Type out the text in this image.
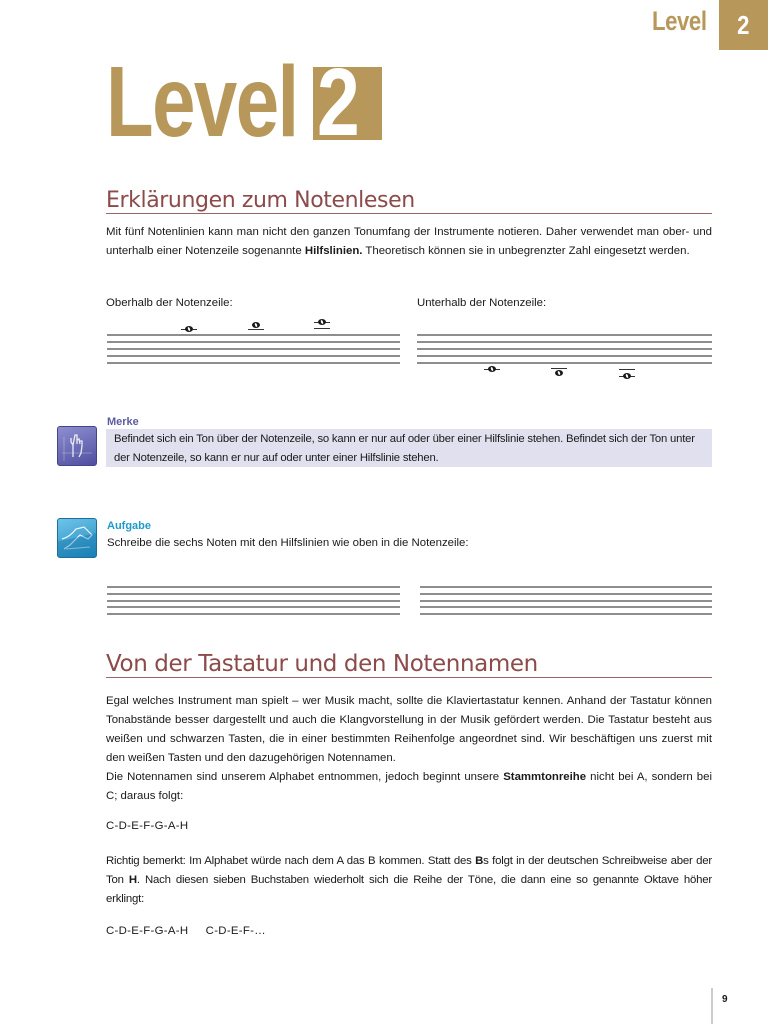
Level 2
Level 2
Erklärungen zum Notenlesen
Mit fünf Notenlinien kann man nicht den ganzen Tonumfang der Instrumente notieren. Daher verwendet man ober- und unterhalb einer Notenzeile sogenannte Hilfslinien. Theoretisch können sie in unbegrenzter Zahl eingesetzt werden.
Oberhalb der Notenzeile:	Unterhalb der Notenzeile:
Merke
Befindet sich ein Ton über der Notenzeile, so kann er nur auf oder über einer Hilfslinie stehen. Befindet sich der Ton unter der Notenzeile, so kann er nur auf oder unter einer Hilfslinie stehen.
Aufgabe
Schreibe die sechs Noten mit den Hilfslinien wie oben in die Notenzeile:
Von der Tastatur und den Notennamen
Egal welches Instrument man spielt – wer Musik macht, sollte die Klaviertastatur kennen. Anhand der Tastatur können Tonabstände besser dargestellt und auch die Klangvorstellung in der Musik gefördert werden. Die Tastatur besteht aus weißen und schwarzen Tasten, die in einer bestimmten Reihenfolge angeordnet sind. Wir beschäftigen uns zuerst mit den weißen Tasten und den dazugehörigen Notennamen.
Die Notennamen sind unserem Alphabet entnommen, jedoch beginnt unsere Stammtonreihe nicht bei A, sondern bei C; daraus folgt:
C-D-E-F-G-A-H
Richtig bemerkt: Im Alphabet würde nach dem A das B kommen. Statt des Bs folgt in der deutschen Schreibweise aber der Ton H. Nach diesen sieben Buchstaben wiederholt sich die Reihe der Töne, die dann eine so genannte Oktave höher erklingt:
C-D-E-F-G-A-H     C-D-E-F-…
9
